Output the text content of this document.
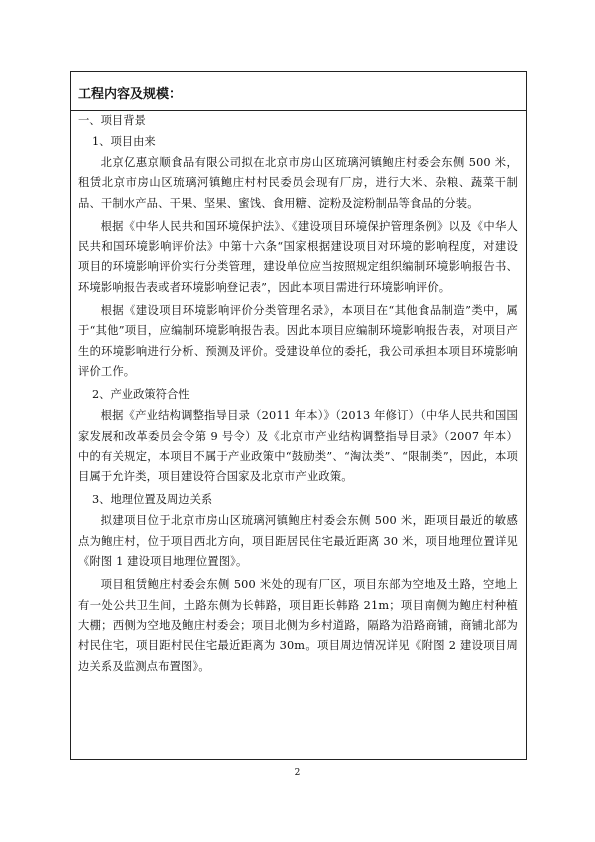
工程内容及规模：
一、项目背景
1、项目由来

北京亿惠京顺食品有限公司拟在北京市房山区琉璃河镇鲍庄村委会东侧 500 米，租赁北京市房山区琉璃河镇鲍庄村村民委员会现有厂房，进行大米、杂粮、蔬菜干制品、干制水产品、干果、坚果、蜜饯、食用糖、淀粉及淀粉制品等食品的分装。

根据《中华人民共和国环境保护法》、《建设项目环境保护管理条例》以及《中华人民共和国环境影响评价法》中第十六条“国家根据建设项目对环境的影响程度，对建设项目的环境影响评价实行分类管理，建设单位应当按照规定组织编制环境影响报告书、环境影响报告表或者环境影响登记表”，因此本项目需进行环境影响评价。

根据《建设项目环境影响评价分类管理名录》，本项目在“其他食品制造”类中，属于“其他”项目，应编制环境影响报告表。因此本项目应编制环境影响报告表，对项目产生的环境影响进行分析、预测及评价。受建设单位的委托，我公司承担本项目环境影响评价工作。

2、产业政策符合性

根据《产业结构调整指导目录（2011 年本）》（2013 年修订）（中华人民共和国国家发展和改革委员会令第 9 号令）及《北京市产业结构调整指导目录》（2007 年本）中的有关规定，本项目不属于产业政策中“鼓励类”、“淘汰类”、“限制类”，因此，本项目属于允许类，项目建设符合国家及北京市产业政策。

3、地理位置及周边关系

拟建项目位于北京市房山区琉璃河镇鲍庄村委会东侧 500 米，距项目最近的敏感点为鲍庄村，位于项目西北方向，项目距居民住宅最近距离 30 米，项目地理位置详见《附图 1 建设项目地理位置图》。

项目租赁鲍庄村委会东侧 500 米处的现有厂区，项目东部为空地及土路，空地上有一处公共卫生间，土路东侧为长韩路，项目距长韩路 21m；项目南侧为鲍庄村种植大棚；西侧为空地及鲍庄村委会；项目北侧为乡村道路，隔路为沿路商铺，商铺北部为村民住宅，项目距村民住宅最近距离为 30m。项目周边情况详见《附图 2 建设项目周边关系及监测点布置图》。

2
